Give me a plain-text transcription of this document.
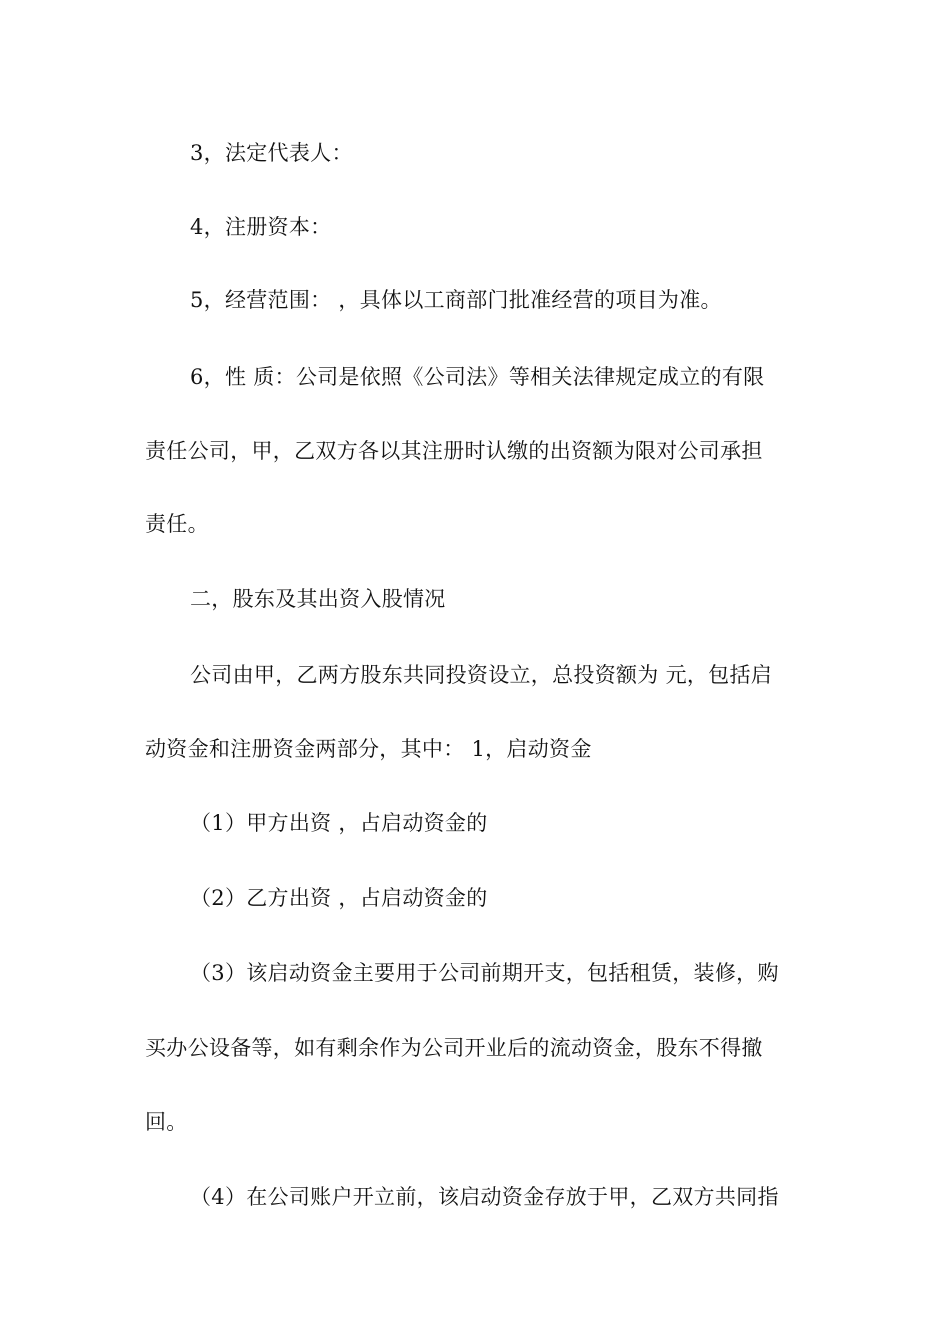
3，法定代表人：
4，注册资本：
5，经营范围： ，具体以工商部门批准经营的项目为准。
6，性 质：公司是依照《公司法》等相关法律规定成立的有限
责任公司，甲，乙双方各以其注册时认缴的出资额为限对公司承担
责任。
二，股东及其出资入股情况
公司由甲，乙两方股东共同投资设立，总投资额为 元，包括启
动资金和注册资金两部分，其中： 1，启动资金
（1）甲方出资 ，占启动资金的
（2）乙方出资 ，占启动资金的
（3）该启动资金主要用于公司前期开支，包括租赁，装修，购
买办公设备等，如有剩余作为公司开业后的流动资金，股东不得撤
回。
（4）在公司账户开立前，该启动资金存放于甲，乙双方共同指
